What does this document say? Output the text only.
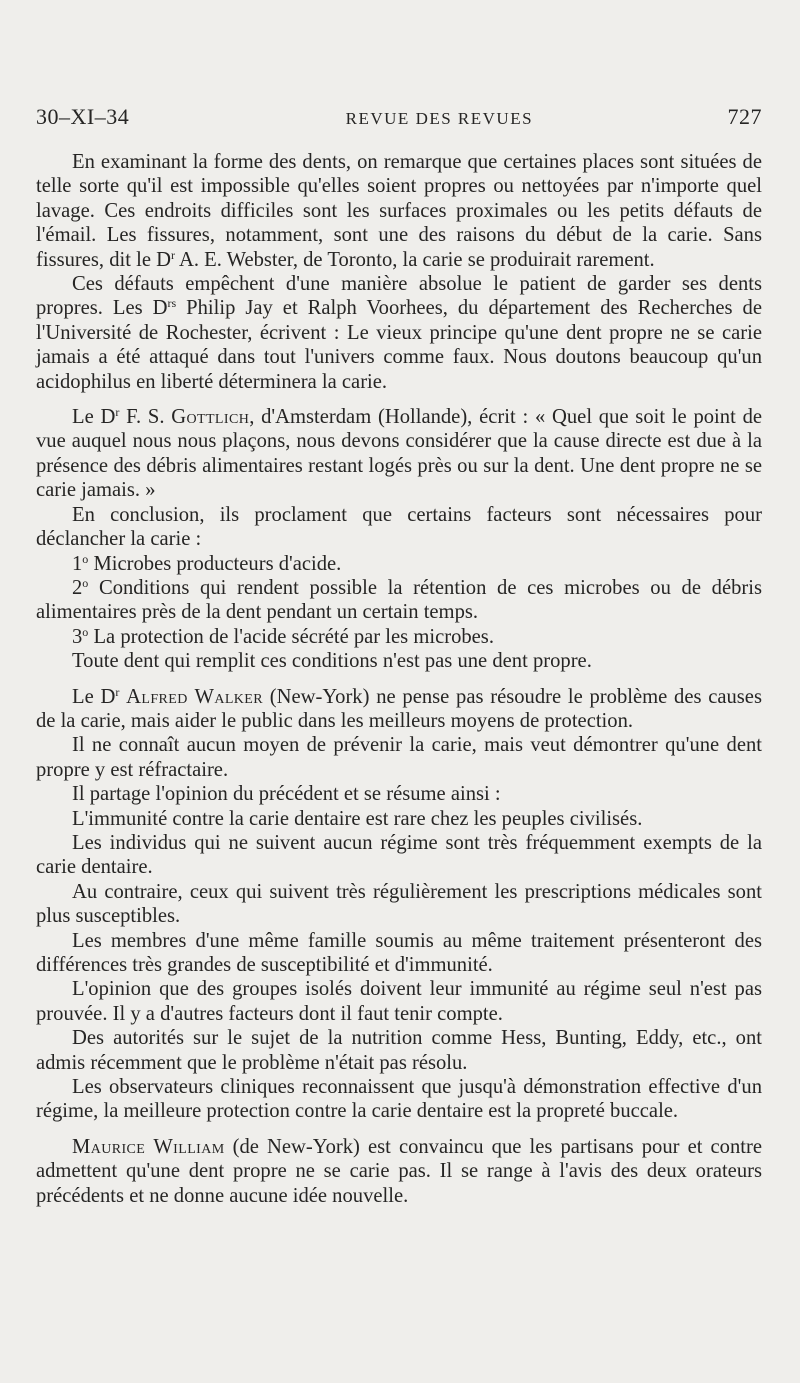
30–XI–34	REVUE DES REVUES	727

En examinant la forme des dents, on remarque que certaines places sont situées de telle sorte qu'il est impossible qu'elles soient propres ou nettoyées par n'importe quel lavage. Ces endroits difficiles sont les surfaces proximales ou les petits défauts de l'émail. Les fissures, notamment, sont une des raisons du début de la carie. Sans fissures, dit le $D^r$ A. E. Webster, de Toronto, la carie se produirait rarement.

Ces défauts empêchent d'une manière absolue le patient de garder ses dents propres. Les $D^{rs}$ Philip Jay et Ralph Voorhees, du département des Recherches de l'Université de Rochester, écrivent : Le vieux principe qu'une dent propre ne se carie jamais a été attaqué dans tout l'univers comme faux. Nous doutons beaucoup qu'un acidophilus en liberté déterminera la carie.

Le $D^r$ F. S. Gottlich, d'Amsterdam (Hollande), écrit : « Quel que soit le point de vue auquel nous nous plaçons, nous devons considérer que la cause directe est due à la présence des débris alimentaires restant logés près ou sur la dent. Une dent propre ne se carie jamais. »

En conclusion, ils proclament que certains facteurs sont nécessaires pour déclancher la carie :

1$^o$ Microbes producteurs d'acide.

2$^o$ Conditions qui rendent possible la rétention de ces microbes ou de débris alimentaires près de la dent pendant un certain temps.

3$^o$ La protection de l'acide sécrété par les microbes.

Toute dent qui remplit ces conditions n'est pas une dent propre.

Le $D^r$ Alfred Walker (New-York) ne pense pas résoudre le problème des causes de la carie, mais aider le public dans les meilleurs moyens de protection.

Il ne connaît aucun moyen de prévenir la carie, mais veut démontrer qu'une dent propre y est réfractaire.

Il partage l'opinion du précédent et se résume ainsi :

L'immunité contre la carie dentaire est rare chez les peuples civilisés.

Les individus qui ne suivent aucun régime sont très fréquemment exempts de la carie dentaire.

Au contraire, ceux qui suivent très régulièrement les prescriptions médicales sont plus susceptibles.

Les membres d'une même famille soumis au même traitement présenteront des différences très grandes de susceptibilité et d'immunité.

L'opinion que des groupes isolés doivent leur immunité au régime seul n'est pas prouvée. Il y a d'autres facteurs dont il faut tenir compte.

Des autorités sur le sujet de la nutrition comme Hess, Bunting, Eddy, etc., ont admis récemment que le problème n'était pas résolu.

Les observateurs cliniques reconnaissent que jusqu'à démonstration effective d'un régime, la meilleure protection contre la carie dentaire est la propreté buccale.

Maurice William (de New-York) est convaincu que les partisans pour et contre admettent qu'une dent propre ne se carie pas. Il se range à l'avis des deux orateurs précédents et ne donne aucune idée nouvelle.
